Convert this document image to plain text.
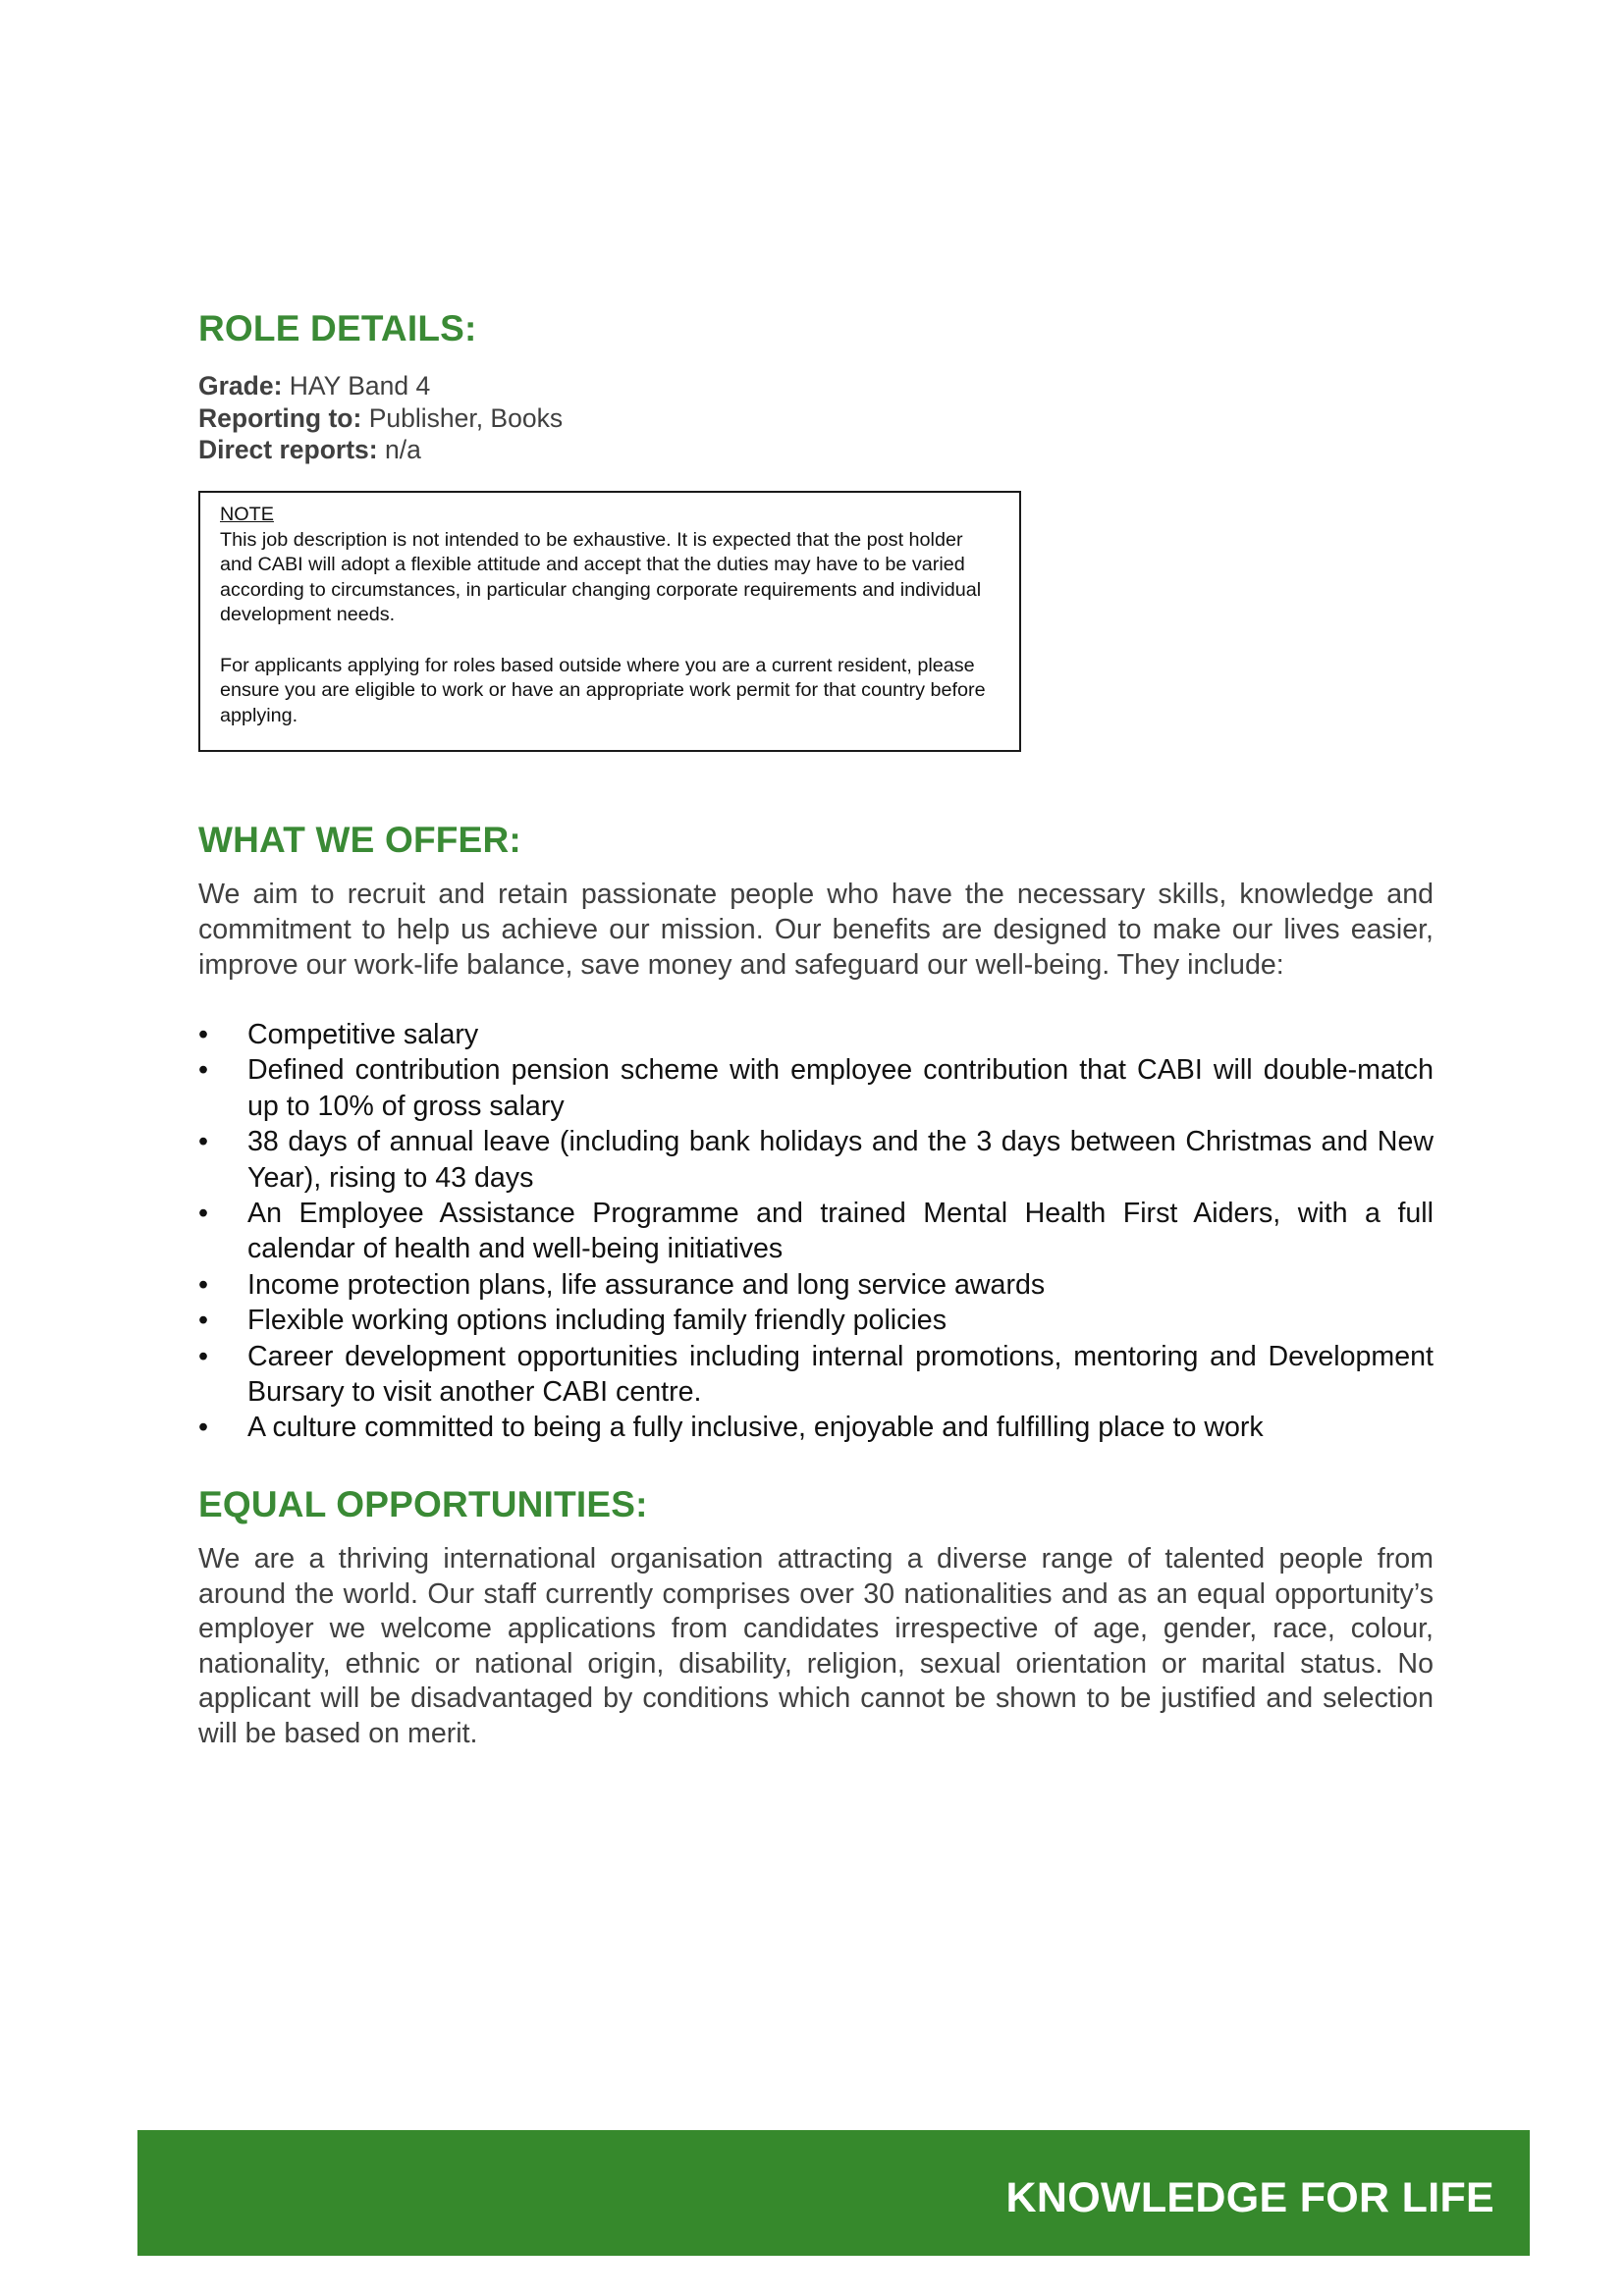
ROLE DETAILS:
Grade: HAY Band 4
Reporting to: Publisher, Books
Direct reports: n/a
NOTE
This job description is not intended to be exhaustive. It is expected that the post holder and CABI will adopt a flexible attitude and accept that the duties may have to be varied according to circumstances, in particular changing corporate requirements and individual development needs.
For applicants applying for roles based outside where you are a current resident, please ensure you are eligible to work or have an appropriate work permit for that country before applying.
WHAT WE OFFER:
We aim to recruit and retain passionate people who have the necessary skills, knowledge and commitment to help us achieve our mission. Our benefits are designed to make our lives easier, improve our work-life balance, save money and safeguard our well-being. They include:
•	Competitive salary
•	Defined contribution pension scheme with employee contribution that CABI will double-match up to 10% of gross salary
•	38 days of annual leave (including bank holidays and the 3 days between Christmas and New Year), rising to 43 days
•	An Employee Assistance Programme and trained Mental Health First Aiders, with a full calendar of health and well-being initiatives
•	Income protection plans, life assurance and long service awards
•	Flexible working options including family friendly policies
•	Career development opportunities including internal promotions, mentoring and Development Bursary to visit another CABI centre.
•	A culture committed to being a fully inclusive, enjoyable and fulfilling place to work
EQUAL OPPORTUNITIES:
We are a thriving international organisation attracting a diverse range of talented people from around the world. Our staff currently comprises over 30 nationalities and as an equal opportunity’s employer we welcome applications from candidates irrespective of age, gender, race, colour, nationality, ethnic or national origin, disability, religion, sexual orientation or marital status. No applicant will be disadvantaged by conditions which cannot be shown to be justified and selection will be based on merit.
KNOWLEDGE FOR LIFE
